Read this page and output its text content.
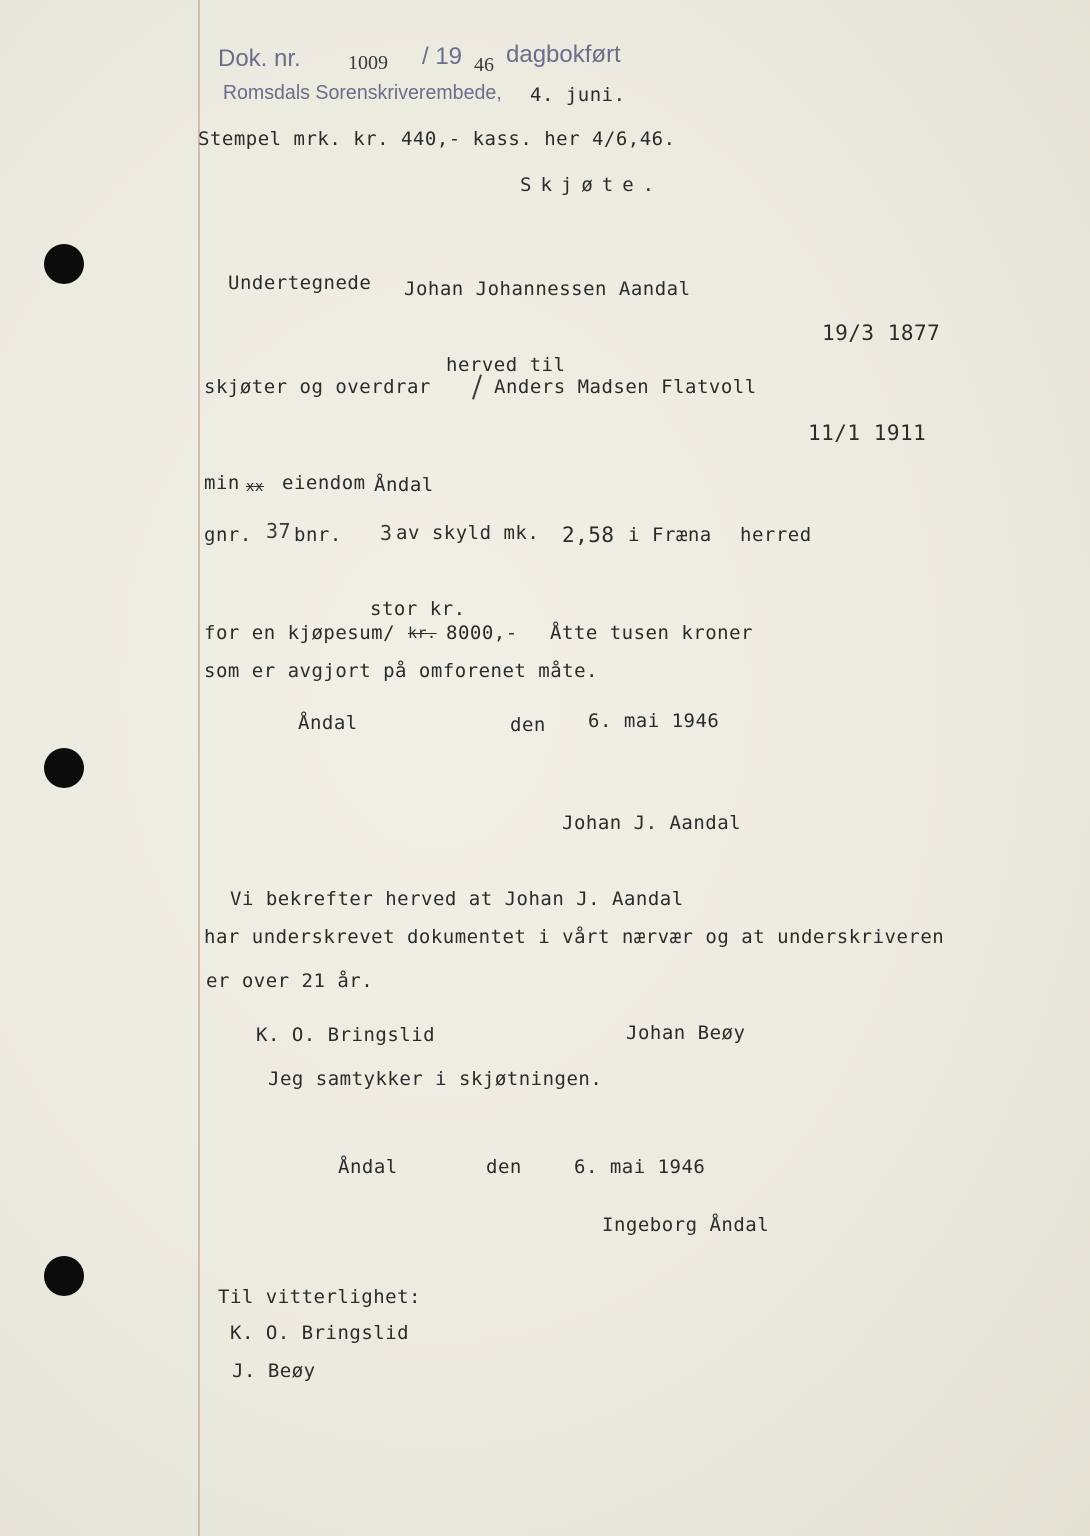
Dok. nr. 1009 / 19 46 dagbokført
Romsdals Sorenskriverembede, 4. juni.
Stempel mrk. kr. 440,- kass. her 4/6,46.
Skjøte.
Undertegnede Johan Johannessen Aandal
19/3 1877
herved til
skjøter og overdrar	Anders Madsen Flatvoll
11/1 1911
min xx eiendom Åndal
gnr. 37 bnr. 3 av skyld mk. 2,58 i Fræna herred
stor kr.
for en kjøpesum/ kr. 8000,- Åtte tusen kroner
som er avgjort på omforenet måte.
Åndal	den 6. mai 1946
Johan J. Aandal
Vi bekrefter herved at Johan J. Aandal
har underskrevet dokumentet i vårt nærvær og at underskriveren
er over 21 år.
K. O. Bringslid	Johan Beøy
Jeg samtykker i skjøtningen.
Åndal	den	6. mai 1946
Ingeborg Åndal
Til vitterlighet:
K. O. Bringslid
J. Beøy
